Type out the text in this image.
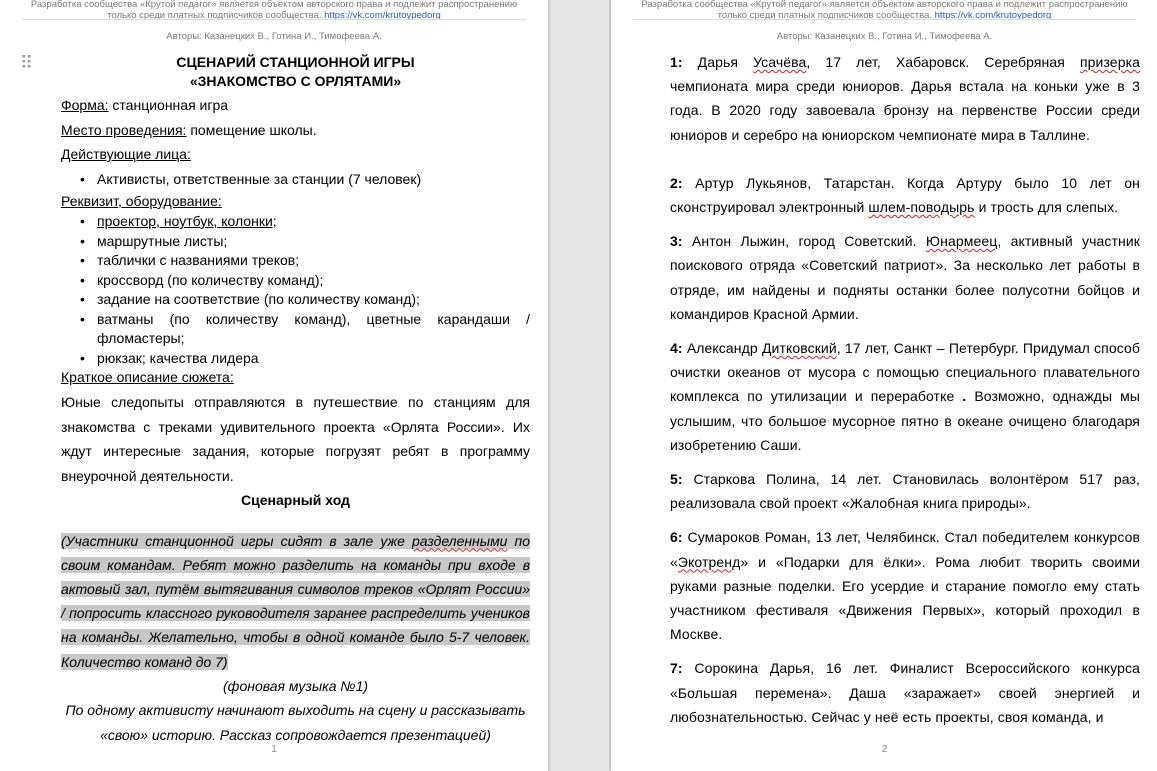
Разработка сообщества «Крутой педагог» является объектом авторского права и подлежит распространению
только среди платных подписчиков сообщества. https://vk.com/krutoypedorg
Авторы: Казанецких В., Готина И., Тимофеева А.
⠿	СЦЕНАРИЙ СТАНЦИОННОЙ ИГРЫ

«ЗНАКОМСТВО С ОРЛЯТАМИ»

Форма: станционная игра

Место проведения: помещение школы.

Действующие лица:

• Активисты, ответственные за станции (7 человек)

Реквизит, оборудование:

• проектор, ноутбук, колонки;
• маршрутные листы;
• таблички с названиями треков;
• кроссворд (по количеству команд);
• задание на соответствие (по количеству команд);
• ватманы (по количеству команд), цветные карандаши / фломастеры;
• рюкзак; качества лидера

Краткое описание сюжета:

Юные следопыты отправляются в путешествие по станциям для знакомства с треками удивительного проекта «Орлята России». Их ждут интересные задания, которые погрузят ребят в программу внеурочной деятельности.

Сценарный ход

(Участники станционной игры сидят в зале уже разделенными по своим командам. Ребят можно разделить на команды при входе в актовый зал, путём вытягивания символов треков «Орлят России» / попросить классного руководителя заранее распределить учеников на команды. Желательно, чтобы в одной команде было 5-7 человек. Количество команд до 7)

(фоновая музыка №1)

По одному активисту начинают выходить на сцену и рассказывать «свою» историю. Рассказ сопровождается презентацией)

1
Разработка сообщества «Крутой педагог» является объектом авторского права и подлежит распространению
только среди платных подписчиков сообщества. https://vk.com/krutoypedorg
Авторы: Казанецких В., Готина И., Тимофеева А.

1: Дарья Усачёва, 17 лет, Хабаровск. Серебряная призерка чемпионата мира среди юниоров. Дарья встала на коньки уже в 3 года. В 2020 году завоевала бронзу на первенстве России среди юниоров и серебро на юниорском чемпионате мира в Таллине.

2: Артур Лукьянов, Татарстан. Когда Артуру было 10 лет он сконструировал электронный шлем-поводырь и трость для слепых.

3: Антон Лыжин, город Советский. Юнармеец, активный участник поискового отряда «Советский патриот». За несколько лет работы в отряде, им найдены и подняты останки более полусотни бойцов и командиров Красной Армии.

4: Александр Дитковский, 17 лет, Санкт – Петербург. Придумал способ очистки океанов от мусора с помощью специального плавательного комплекса по утилизации и переработке . Возможно, однажды мы услышим, что большое мусорное пятно в океане очищено благодаря изобретению Саши.

5: Старкова Полина, 14 лет. Становилась волонтёром 517 раз, реализовала свой проект «Жалобная книга природы».

6: Сумароков Роман, 13 лет, Челябинск. Стал победителем конкурсов «Экотренд» и «Подарки для ёлки». Рома любит творить своими руками разные поделки. Его усердие и старание помогло ему стать участником фестиваля «Движения Первых», который проходил в Москве.

7: Сорокина Дарья, 16 лет. Финалист Всероссийского конкурса «Большая перемена». Даша «заражает» своей энергией и любознательностью. Сейчас у неё есть проекты, своя команда, и

2
